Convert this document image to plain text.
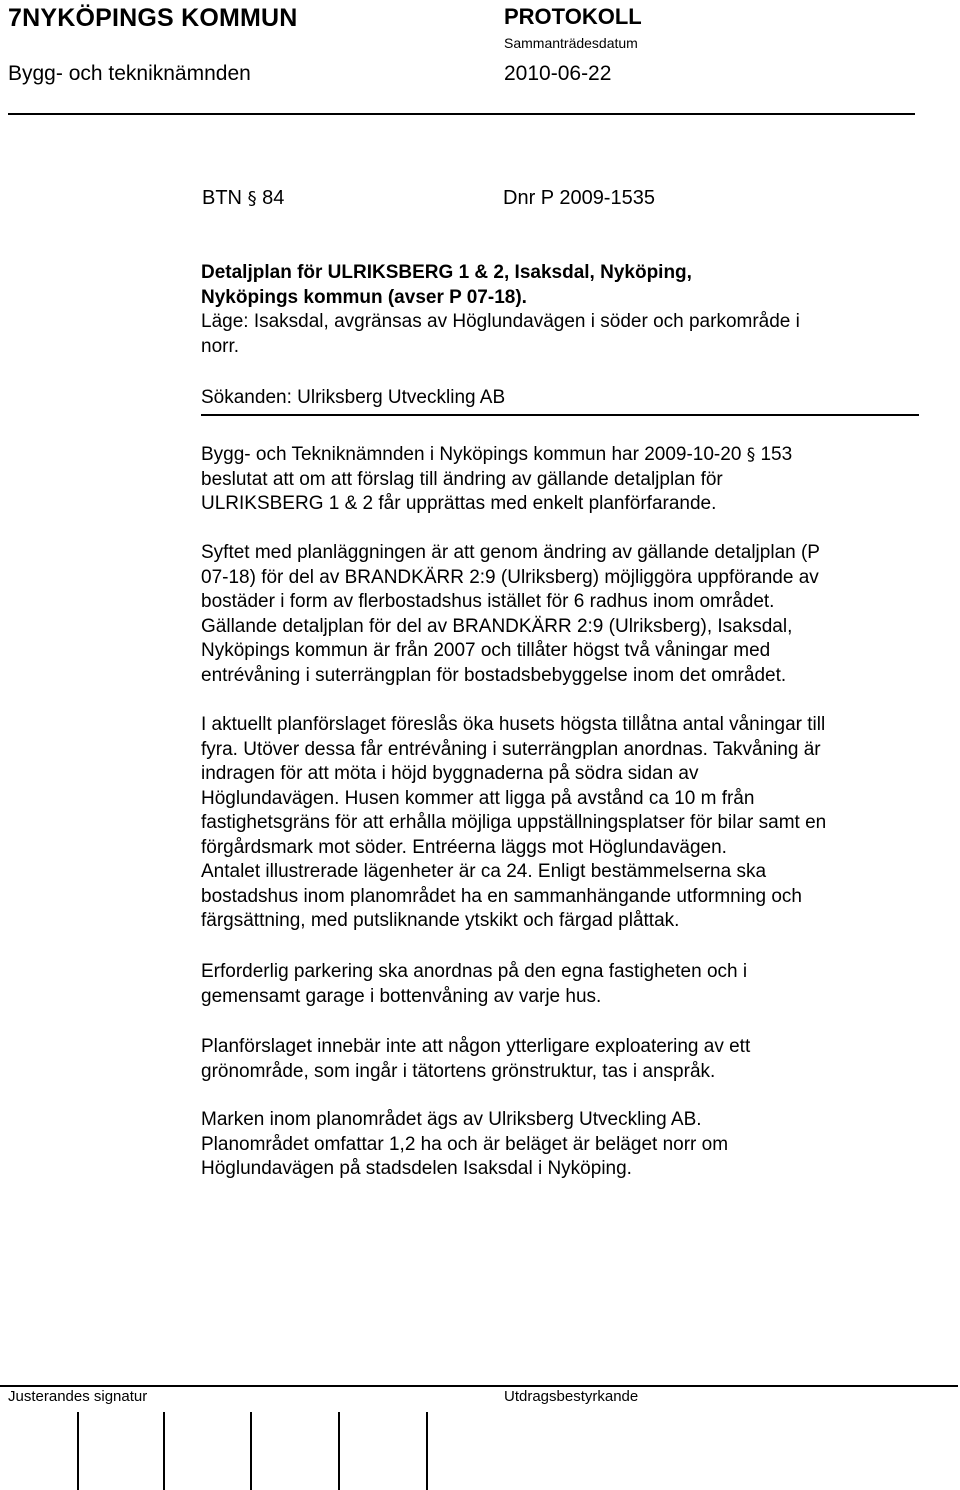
7NYKÖPINGS KOMMUN
Bygg- och tekniknämnden
PROTOKOLL
Sammanträdesdatum
2010-06-22
BTN § 84	Dnr P 2009-1535
Detaljplan för ULRIKSBERG 1 & 2, Isaksdal, Nyköping,
Nyköpings kommun (avser P 07-18).
Läge: Isaksdal, avgränsas av Höglundavägen i söder och parkområde i
norr.
Sökanden: Ulriksberg Utveckling AB
Bygg- och Tekniknämnden i Nyköpings kommun har 2009-10-20 § 153
beslutat att om att förslag till ändring av gällande detaljplan för
ULRIKSBERG 1 & 2 får upprättas med enkelt planförfarande.
Syftet med planläggningen är att genom ändring av gällande detaljplan (P
07-18) för del av BRANDKÄRR 2:9 (Ulriksberg) möjliggöra uppförande av
bostäder i form av flerbostadshus istället för 6 radhus inom området.
Gällande detaljplan för del av BRANDKÄRR 2:9 (Ulriksberg), Isaksdal,
Nyköpings kommun är från 2007 och tillåter högst två våningar med
entrévåning i suterrängplan för bostadsbebyggelse inom det området.
I aktuellt planförslaget föreslås öka husets högsta tillåtna antal våningar till
fyra. Utöver dessa får entrévåning i suterrängplan anordnas. Takvåning är
indragen för att möta i höjd byggnaderna på södra sidan av
Höglundavägen. Husen kommer att ligga på avstånd ca 10 m från
fastighetsgräns för att erhålla möjliga uppställningsplatser för bilar samt en
förgårdsmark mot söder. Entréerna läggs mot Höglundavägen.
Antalet illustrerade lägenheter är ca 24. Enligt bestämmelserna ska
bostadshus inom planområdet ha en sammanhängande utformning och
färgsättning, med putsliknande ytskikt och färgad plåttak.
Erforderlig parkering ska anordnas på den egna fastigheten och i
gemensamt garage i bottenvåning av varje hus.
Planförslaget innebär inte att någon ytterligare exploatering av ett
grönområde, som ingår i tätortens grönstruktur, tas i anspråk.
Marken inom planområdet ägs av Ulriksberg Utveckling AB.
Planområdet omfattar 1,2 ha och är beläget är beläget norr om
Höglundavägen på stadsdelen Isaksdal i Nyköping.
Justerandes signatur	Utdragsbestyrkande
